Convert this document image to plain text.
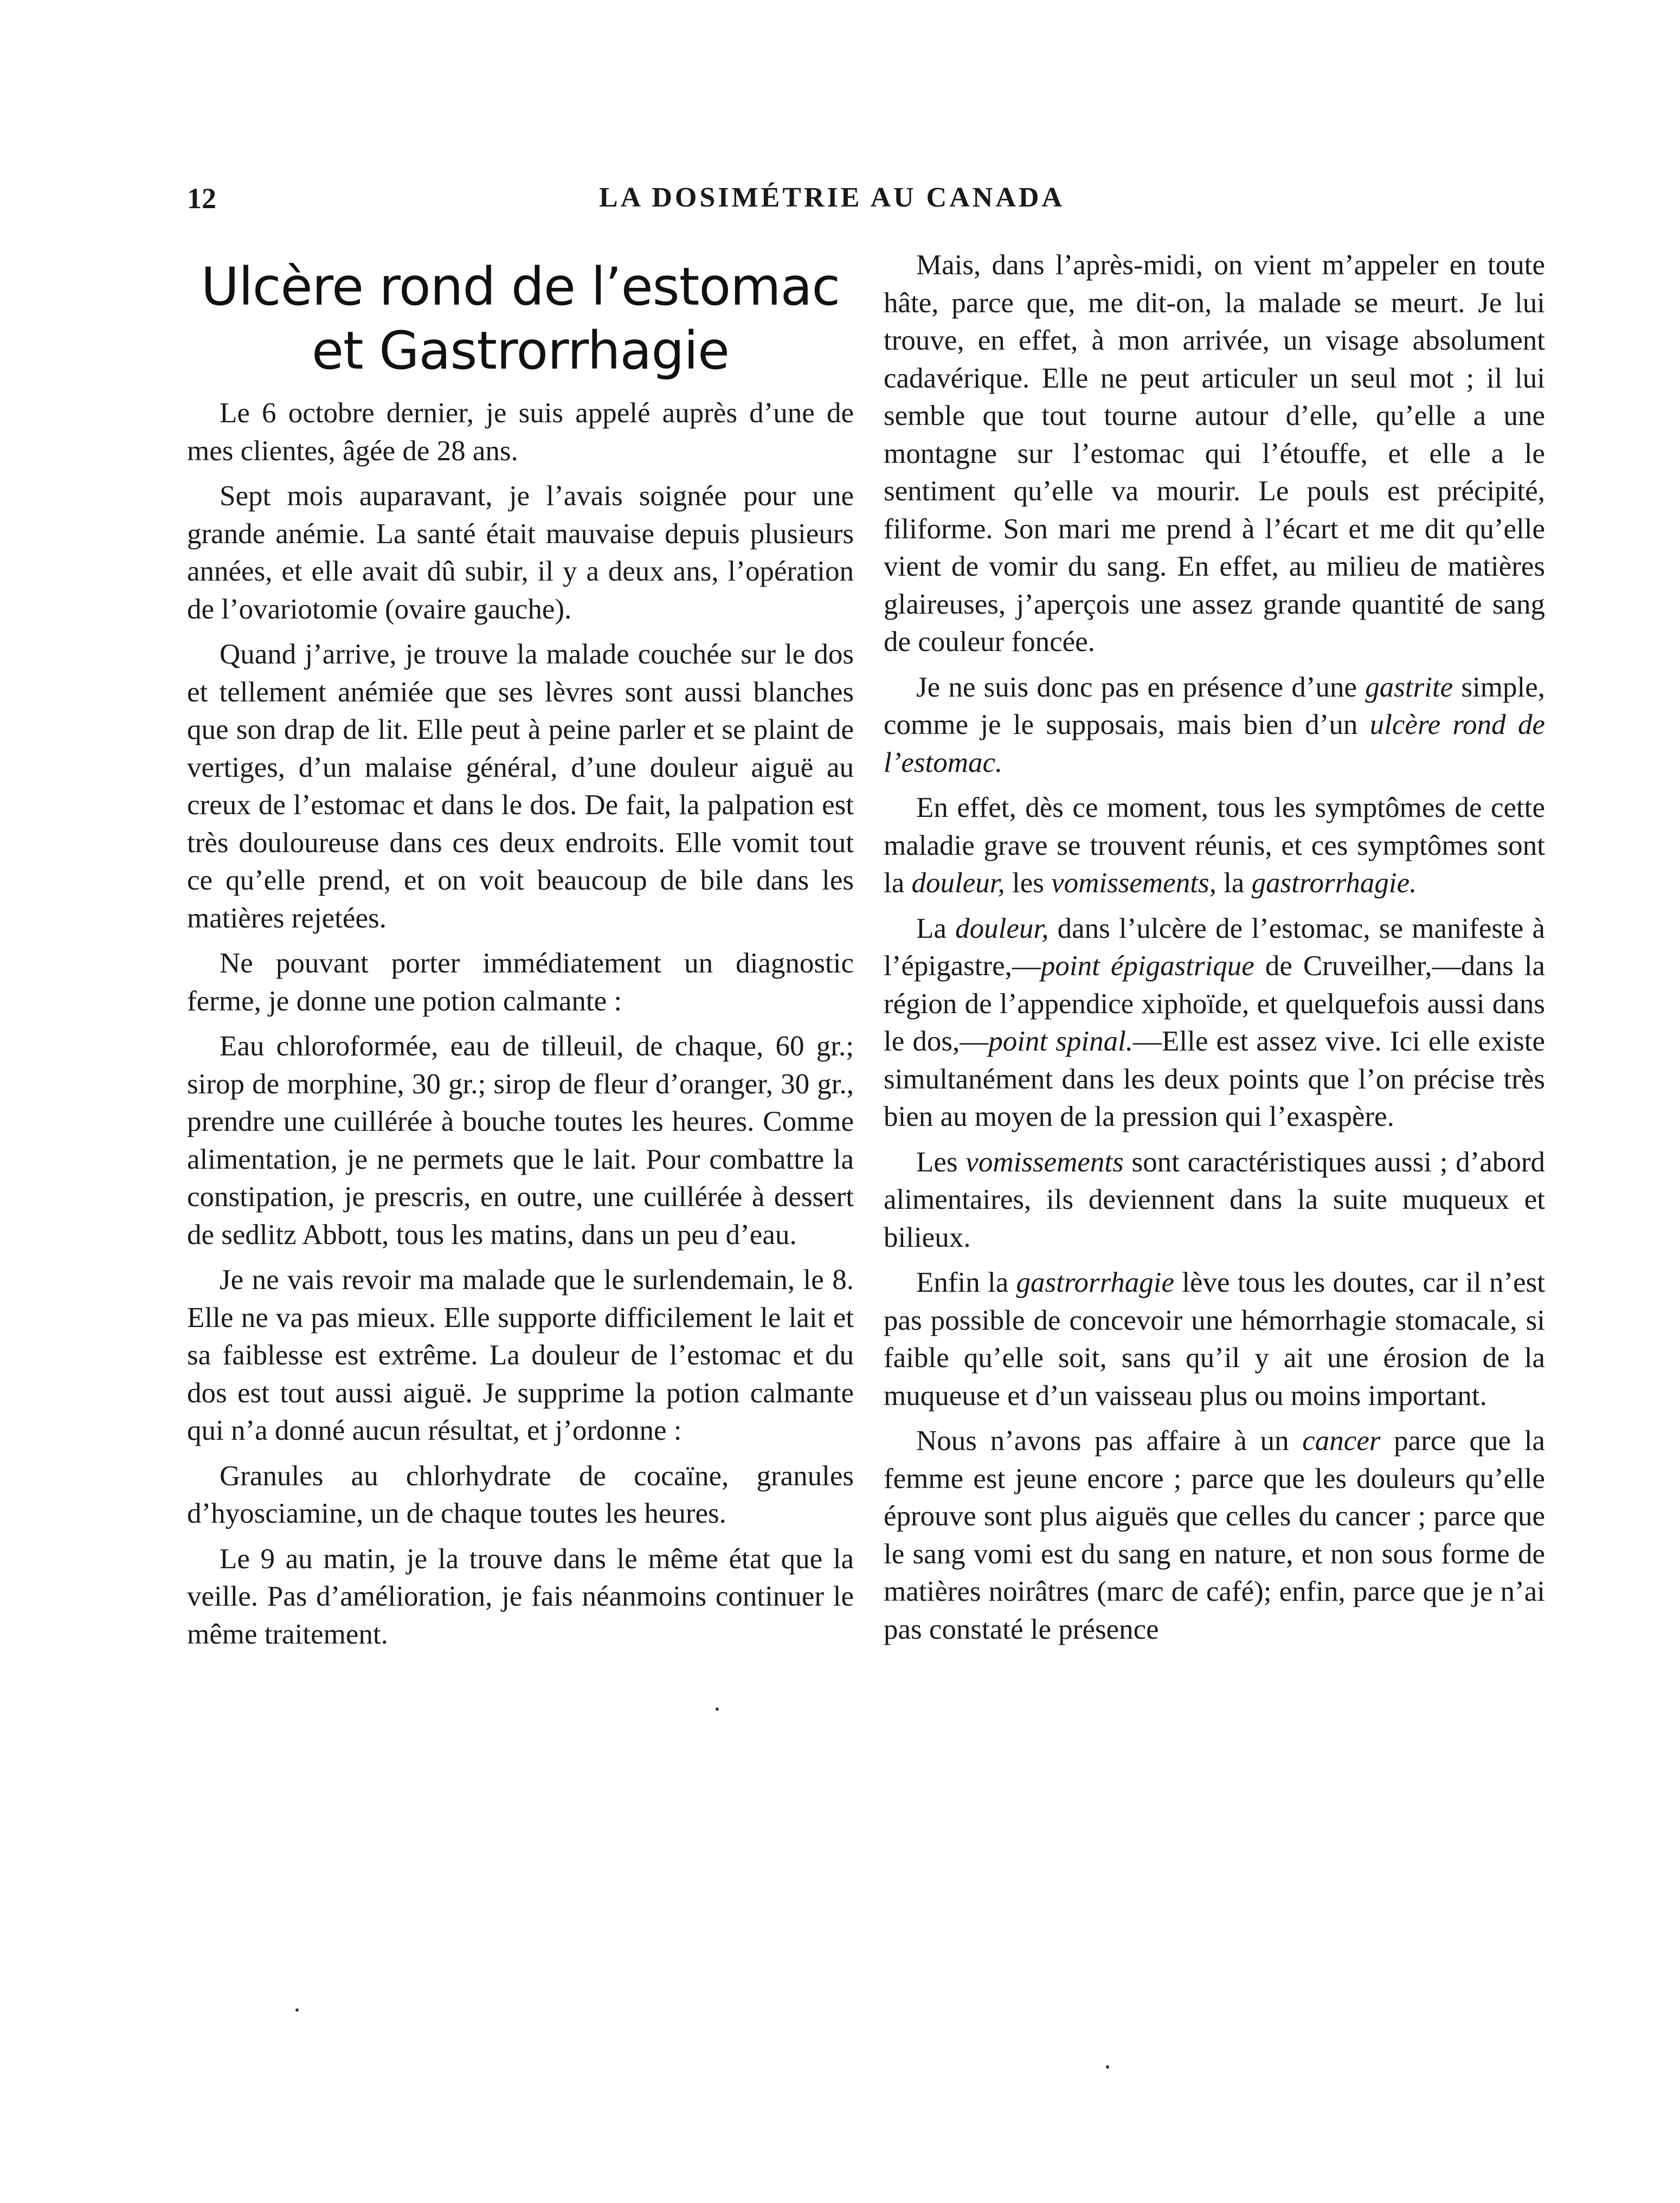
12	LA DOSIMÉTRIE AU CANADA
Ulcère rond de l’estomac
et Gastrorrhagie

Le 6 octobre dernier, je suis appelé auprès d’une de mes clientes, âgée de 28 ans.

Sept mois auparavant, je l’avais soignée pour une grande anémie. La santé était mauvaise depuis plusieurs années, et elle avait dû subir, il y a deux ans, l’opération de l’ovariotomie (ovaire gauche).

Quand j’arrive, je trouve la malade couchée sur le dos et tellement anémiée que ses lèvres sont aussi blanches que son drap de lit. Elle peut à peine parler et se plaint de vertiges, d’un malaise général, d’une douleur aiguë au creux de l’estomac et dans le dos. De fait, la palpation est très douloureuse dans ces deux endroits. Elle vomit tout ce qu’elle prend, et on voit beaucoup de bile dans les matières rejetées.

Ne pouvant porter immédiatement un diagnostic ferme, je donne une potion calmante :

Eau chloroformée, eau de tilleuil, de chaque, 60 gr.; sirop de morphine, 30 gr.; sirop de fleur d’oranger, 30 gr., prendre une cuillérée à bouche toutes les heures. Comme alimentation, je ne permets que le lait. Pour combattre la constipation, je prescris, en outre, une cuillérée à dessert de sedlitz Abbott, tous les matins, dans un peu d’eau.

Je ne vais revoir ma malade que le surlendemain, le 8. Elle ne va pas mieux. Elle supporte difficilement le lait et sa faiblesse est extrême. La douleur de l’estomac et du dos est tout aussi aiguë. Je supprime la potion calmante qui n’a donné aucun résultat, et j’ordonne :

Granules au chlorhydrate de cocaïne, granules d’hyosciamine, un de chaque toutes les heures.

Le 9 au matin, je la trouve dans le même état que la veille. Pas d’amélioration, je fais néanmoins continuer le même traitement.

Mais, dans l’après-midi, on vient m’appeler en toute hâte, parce que, me dit-on, la malade se meurt. Je lui trouve, en effet, à mon arrivée, un visage absolument cadavérique. Elle ne peut articuler un seul mot ; il lui semble que tout tourne autour d’elle, qu’elle a une montagne sur l’estomac qui l’étouffe, et elle a le sentiment qu’elle va mourir. Le pouls est précipité, filiforme. Son mari me prend à l’écart et me dit qu’elle vient de vomir du sang. En effet, au milieu de matières glaireuses, j’aperçois une assez grande quantité de sang de couleur foncée.

Je ne suis donc pas en présence d’une gastrite simple, comme je le supposais, mais bien d’un ulcère rond de l’estomac.

En effet, dès ce moment, tous les symptômes de cette maladie grave se trouvent réunis, et ces symptômes sont la douleur, les vomissements, la gastrorrhagie.

La douleur, dans l’ulcère de l’estomac, se manifeste à l’épigastre,—point épigastrique de Cruveilher,—dans la région de l’appendice xiphoïde, et quelquefois aussi dans le dos,—point spinal.—Elle est assez vive. Ici elle existe simultanément dans les deux points que l’on précise très bien au moyen de la pression qui l’exaspère.

Les vomissements sont caractéristiques aussi ; d’abord alimentaires, ils deviennent dans la suite muqueux et bilieux.

Enfin la gastrorrhagie lève tous les doutes, car il n’est pas possible de concevoir une hémorrhagie stomacale, si faible qu’elle soit, sans qu’il y ait une érosion de la muqueuse et d’un vaisseau plus ou moins important.

Nous n’avons pas affaire à un cancer parce que la femme est jeune encore ; parce que les douleurs qu’elle éprouve sont plus aiguës que celles du cancer ; parce que le sang vomi est du sang en nature, et non sous forme de matières noirâtres (marc de café); enfin, parce que je n’ai pas constaté le présence
